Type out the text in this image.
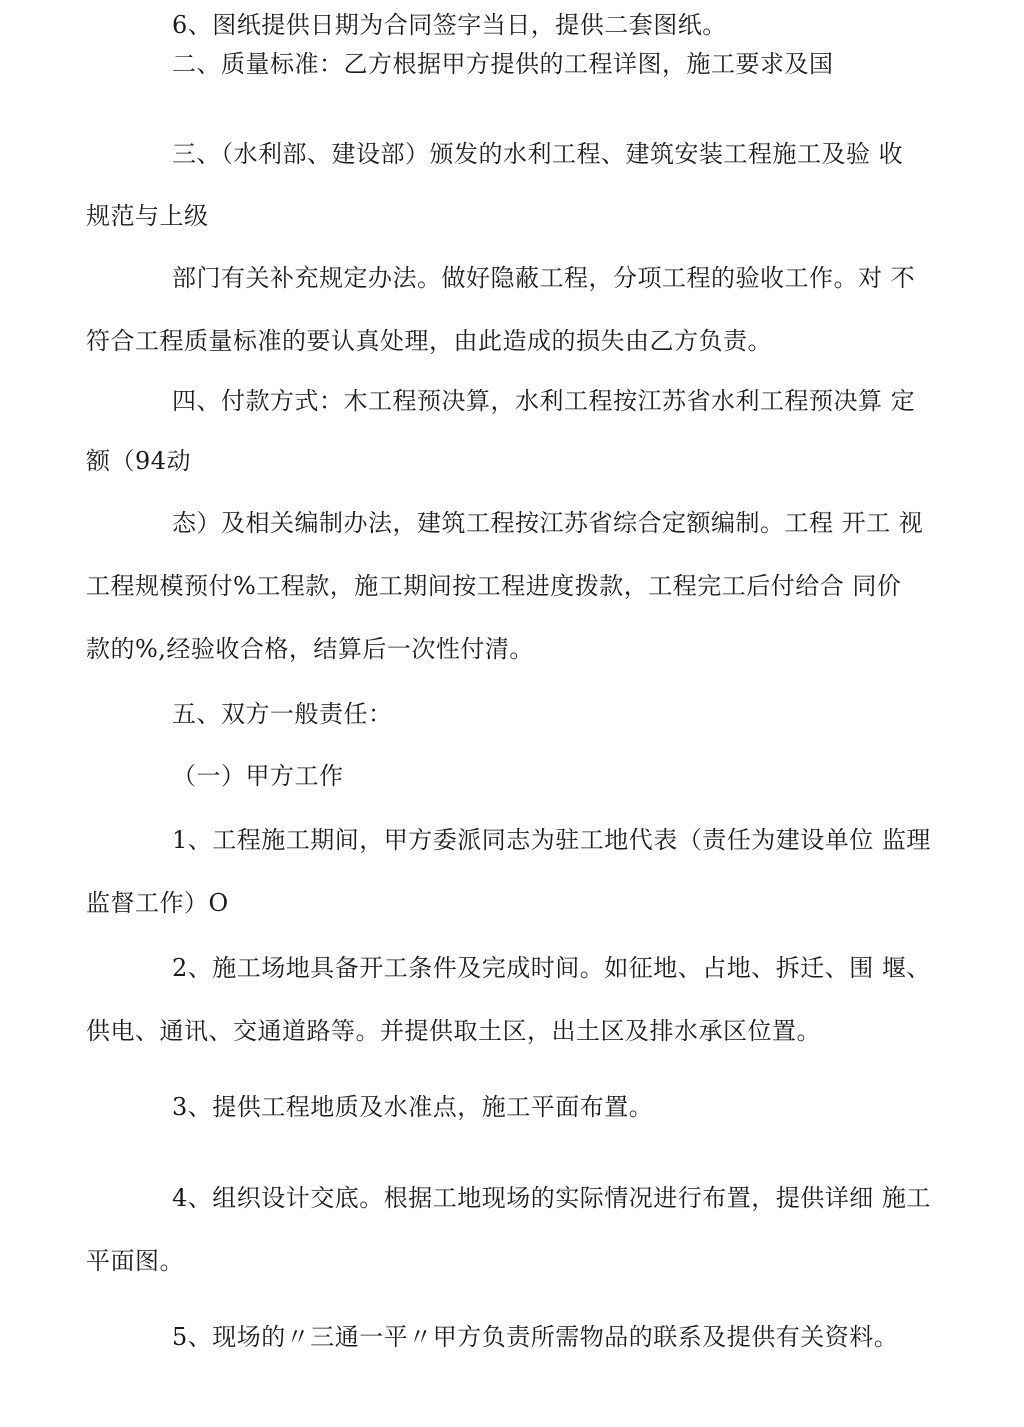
6、图纸提供日期为合同签字当日，提供二套图纸。

二、质量标准：乙方根据甲方提供的工程详图，施工要求及国

三、（水利部、建设部）颁发的水利工程、建筑安装工程施工及验 收

规范与上级

部门有关补充规定办法。做好隐蔽工程，分项工程的验收工作。对 不

符合工程质量标准的要认真处理，由此造成的损失由乙方负责。

四、付款方式：木工程预决算，水利工程按江苏省水利工程预决算 定

额（94动

态）及相关编制办法，建筑工程按江苏省综合定额编制。工程 开工 视

工程规模预付%工程款，施工期间按工程进度拨款，工程完工后付给合 同价

款的%,经验收合格，结算后一次性付清。

五、双方一般责任：

（一）甲方工作

1、工程施工期间，甲方委派同志为驻工地代表（责任为建设单位 监理

监督工作）O

2、施工场地具备开工条件及完成时间。如征地、占地、拆迁、围 堰、

供电、通讯、交通道路等。并提供取土区，出土区及排水承区位置。

3、提供工程地质及水准点，施工平面布置。

4、组织设计交底。根据工地现场的实际情况进行布置，提供详细 施工

平面图。

5、现场的〃三通一平〃甲方负责所需物品的联系及提供有关资料。
